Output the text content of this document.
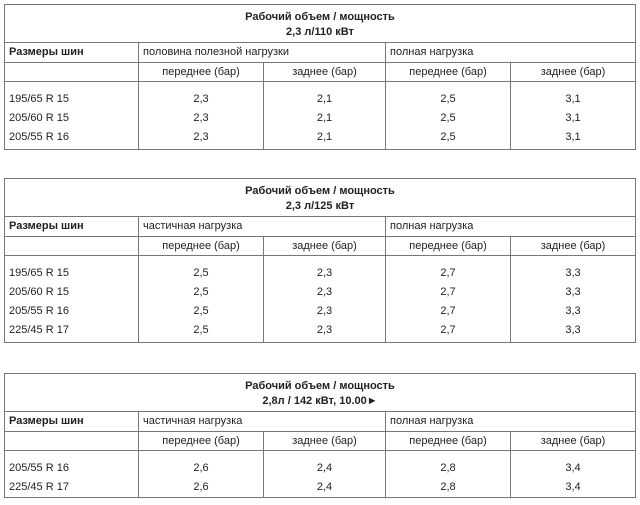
Рабочий объем / мощность
2,3 л/110 кВт
Размеры шин	половина полезной нагрузки	полная нагрузка
переднее (бар)	заднее (бар)	переднее (бар)	заднее (бар)
195/65 R 15	2,3	2,1	2,5	3,1
205/60 R 15	2,3	2,1	2,5	3,1
205/55 R 16	2,3	2,1	2,5	3,1
Рабочий объем / мощность
2,3 л/125 кВт
Размеры шин	частичная нагрузка	полная нагрузка
переднее (бар)	заднее (бар)	переднее (бар)	заднее (бар)
195/65 R 15	2,5	2,3	2,7	3,3
205/60 R 15	2,5	2,3	2,7	3,3
205/55 R 16	2,5	2,3	2,7	3,3
225/45 R 17	2,5	2,3	2,7	3,3
Рабочий объем / мощность
2,8л / 142 кВт, 10.00►
Размеры шин	частичная нагрузка	полная нагрузка
переднее (бар)	заднее (бар)	переднее (бар)	заднее (бар)
205/55 R 16	2,6	2,4	2,8	3,4
225/45 R 17	2,6	2,4	2,8	3,4
